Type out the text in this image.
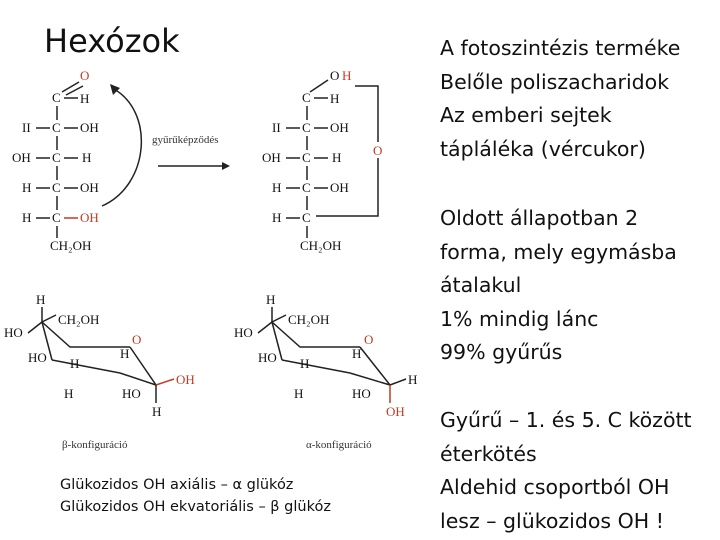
Hexózok
O
C H
II C OH
OH C H
H C OH
H C OH
CH₂OH
gyűrűképződés
O H
C H
II C OH
OH C H
H C OH
H C
O
CH₂OH
H
CH₂OH
HO	O
HO H
H
OH
H	HO
H
β-konfiguráció
H
CH₂OH
HO	O
HO H
H
H
H	HO
OH
α-konfiguráció
Glükozidos OH axiális – α glükóz
Glükozidos OH ekvatoriális – β glükóz
A fotoszintézis terméke
Belőle poliszacharidok
Az emberi sejtek
tápláléka (vércukor)
Oldott állapotban 2
forma, mely egymásba
átalakul
1% mindig lánc
99% gyűrűs
Gyűrű – 1. és 5. C között
éterkötés
Aldehid csoportból OH
lesz – glükozidos OH !
